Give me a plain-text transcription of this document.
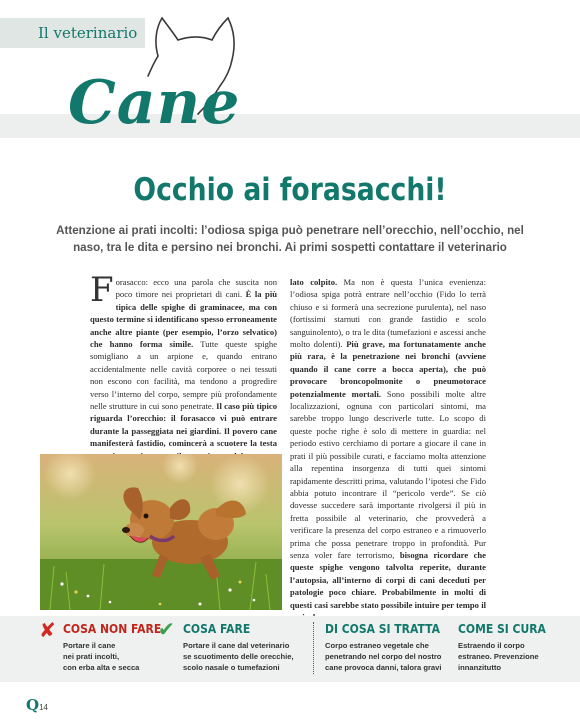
Il veterinario
Cane
Occhio ai forasacchi!

Attenzione ai prati incolti: l’odiosa spiga può penetrare nell’orecchio, nell’occhio, nel naso, tra le dita e persino nei bronchi. Ai primi sospetti contattare il veterinario

Forasacco: ecco una parola che suscita non poco timore nei proprietari di cani. È la più tipica delle spighe di graminacee, ma con questo termine si identificano spesso erroneamente anche altre piante (per esempio, l’orzo selvatico) che hanno forma simile. Tutte queste spighe somigliano a un arpione e, quando entrano accidentalmente nelle cavità corporee o nei tessuti non escono con facilità, ma tendono a progredire verso l’interno del corpo, sempre più profondamente nelle strutture in cui sono penetrate. Il caso più tipico riguarda l’orecchio: il forasacco vi può entrare durante la passeggiata nei giardini. Il povero cane manifesterà fastidio, comincerà a scuotere la testa

lato colpito. Ma non è questa l’unica evenienza: l’odiosa spiga potrà entrare nell’occhio (Fido lo terrà chiuso e si formerà una secrezione purulenta), nel naso (fortissimi starnuti con grande fastidio e scolo sanguinolento), o tra le dita (tumefazioni e ascessi anche molto dolenti). Più grave, ma fortunatamente anche più rara, è la penetrazione nei bronchi (avviene quando il cane corre a bocca aperta), che può provocare broncopolmonite o pneumotorace potenzialmente mortali. Sono possibili molte altre localizzazioni, ognuna con particolari sintomi, ma sarebbe troppo lungo descriverle tutte. Lo scopo di queste poche righe è solo di mettere in guardia: nel periodo estivo cerchiamo di portare a giocare il cane in prati il più possibile curati, e facciamo molta attenzione alla repentina insorgenza di tutti quei sintomi rapidamente descritti prima, valutando l’ipotesi che Fido abbia potuto incontrare il “pericolo verde”. Se ciò dovesse succedere sarà importante rivolgersi il più in fretta possibile al veterinario, che provvederà a verificare la presenza del corpo estraneo e a rimuoverlo prima che possa penetrare troppo in profondità. Pur senza voler fare terrorismo, bisogna ricordare che queste spighe vengono talvolta reperite, durante l’autopsia, all’interno di corpi di cani deceduti per patologie poco chiare. Probabilmente in molti di questi casi sarebbe stato possibile intuire per tempo il

✘ COSA NON FARE
Portare il cane
nei prati incolti,
con erba alta e secca
✔ COSA FARE
Portare il cane dal veterinario
se scuotimento delle orecchie,
scolo nasale o tumefazioni
DI COSA SI TRATTA
Corpo estraneo vegetale che
penetrando nel corpo del nostro
cane provoca danni, talora gravi
COME SI CURA
Estraendo il corpo
estraneo. Prevenzione
innanzitutto
Q14
